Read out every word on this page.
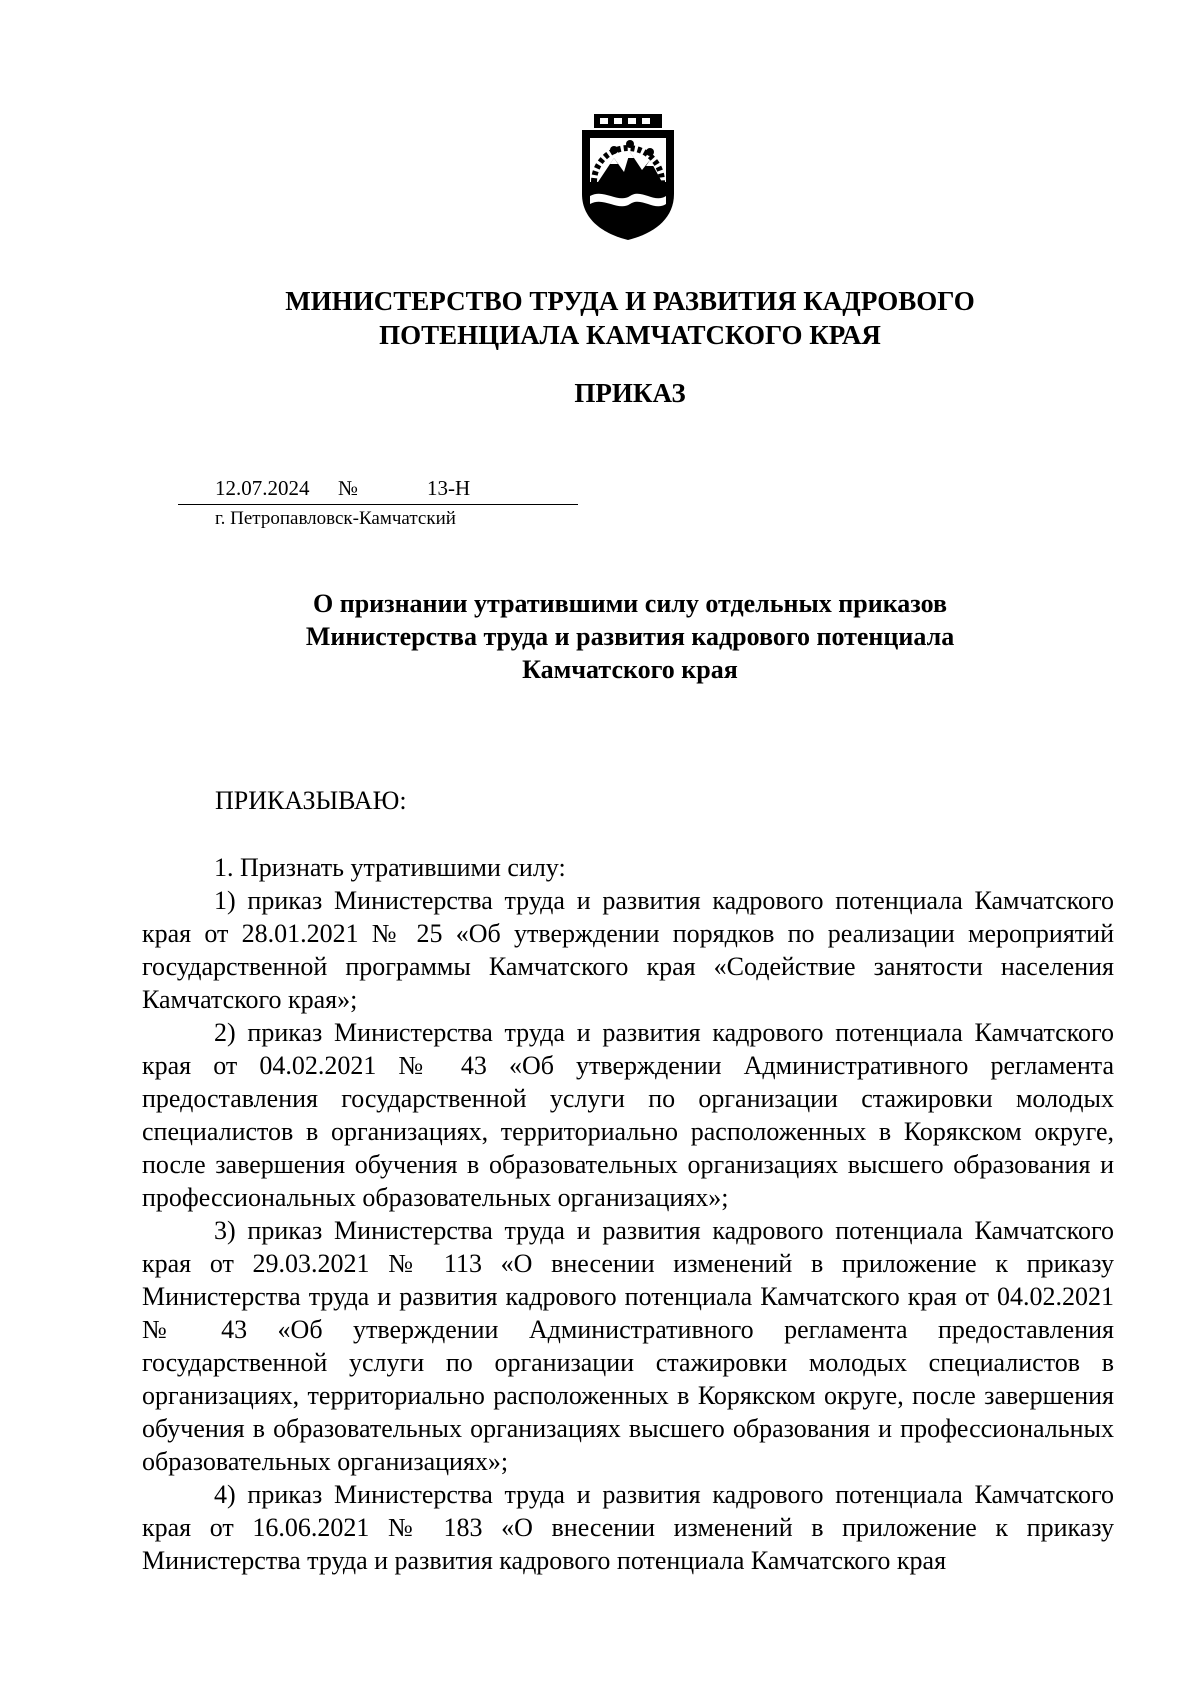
МИНИСТЕРСТВО ТРУДА И РАЗВИТИЯ КАДРОВОГО
ПОТЕНЦИАЛА КАМЧАТСКОГО КРАЯ
ПРИКАЗ
12.07.2024 №	13-Н
г. Петропавловск-Камчатский
О признании утратившими силу отдельных приказов
Министерства труда и развития кадрового потенциала
Камчатского края
ПРИКАЗЫВАЮ:

1. Признать утратившими силу:

1) приказ Министерства труда и развития кадрового потенциала Камчатского края от 28.01.2021 № 25 «Об утверждении порядков по реализации мероприятий государственной программы Камчатского края «Содействие занятости населения Камчатского края»;

2) приказ Министерства труда и развития кадрового потенциала Камчатского края от 04.02.2021 № 43 «Об утверждении Административного регламента предоставления государственной услуги по организации стажировки молодых специалистов в организациях, территориально расположенных в Корякском округе, после завершения обучения в образовательных организациях высшего образования и профессиональных образовательных организациях»;

3) приказ Министерства труда и развития кадрового потенциала Камчатского края от 29.03.2021 № 113 «О внесении изменений в приложение к приказу Министерства труда и развития кадрового потенциала Камчатского края от 04.02.2021 № 43 «Об утверждении Административного регламента предоставления государственной услуги по организации стажировки молодых специалистов в организациях, территориально расположенных в Корякском округе, после завершения обучения в образовательных организациях высшего образования и профессиональных образовательных организациях»;

4) приказ Министерства труда и развития кадрового потенциала Камчатского края от 16.06.2021 № 183 «О внесении изменений в приложение к приказу Министерства труда и развития кадрового потенциала Камчатского края
